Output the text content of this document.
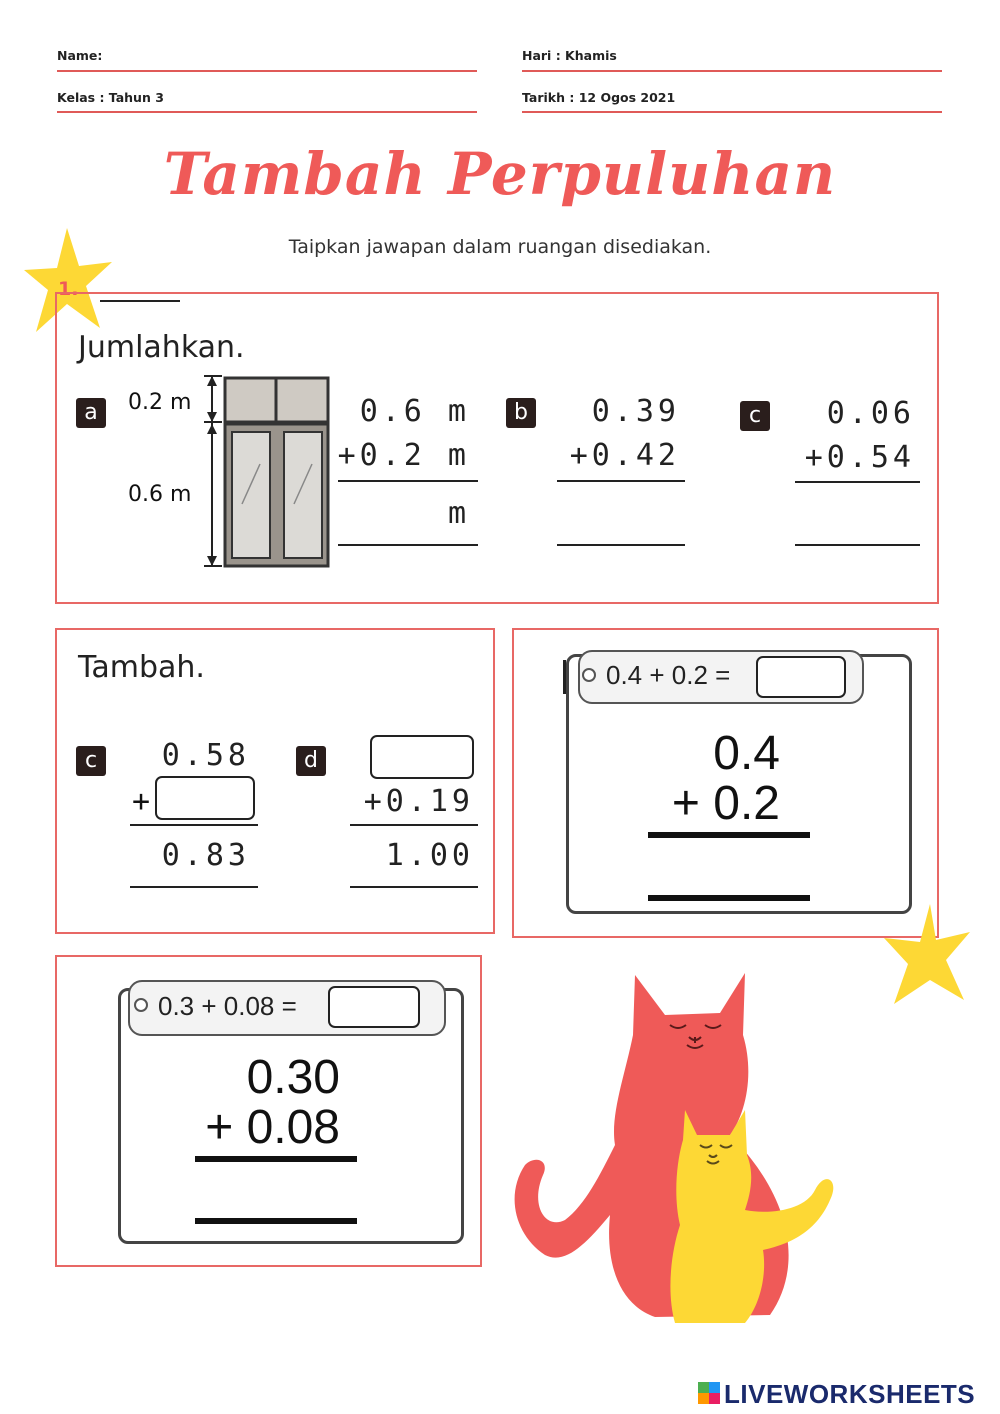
Name:	Hari : Khamis
Kelas : Tahun 3	Tarikh : 12 Ogos 2021
Tambah Perpuluhan
Taipkan jawapan dalam ruangan disediakan.
1.
Jumlahkan.
a	0.2 m
0.6 m
0.6 m
+0.2 m
m
b	0.39
+0.42
c	0.06
+0.54
Tambah.
c	0.58
+
0.83
d
+0.19
1.00
0.4 + 0.2 =
0.4
+ 0.2
0.3 + 0.08 =
0.30
+ 0.08
LIVEWORKSHEETS
